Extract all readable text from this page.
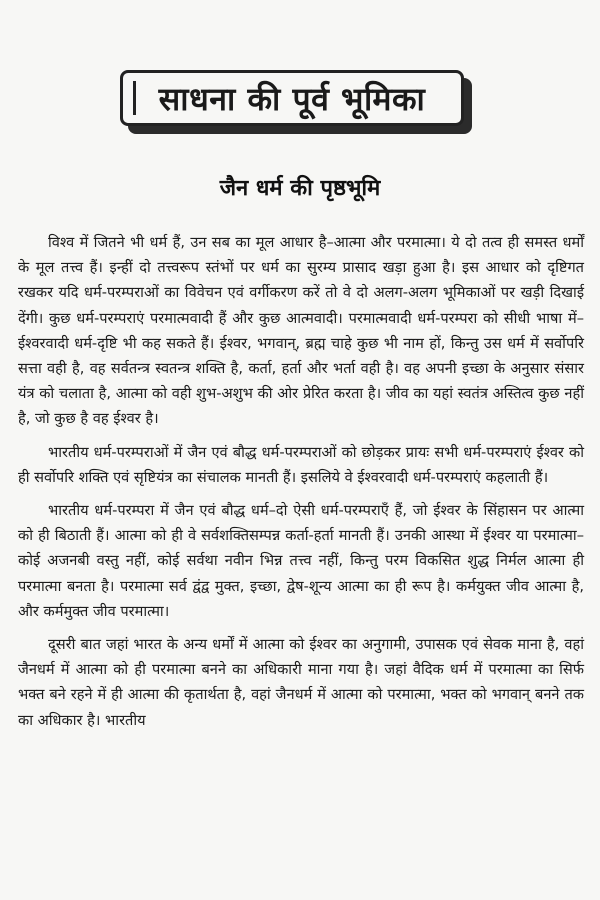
साधना की पूर्व भूमिका
जैन धर्म की पृष्ठभूमि

विश्व में जितने भी धर्म हैं, उन सब का मूल आधार है–आत्मा और परमात्मा। ये दो तत्व ही समस्त धर्मों के मूल तत्त्व हैं। इन्हीं दो तत्त्वरूप स्तंभों पर धर्म का सुरम्य प्रासाद खड़ा हुआ है। इस आधार को दृष्टिगत रखकर यदि धर्म-परम्पराओं का विवेचन एवं वर्गीकरण करें तो वे दो अलग-अलग भूमिकाओं पर खड़ी दिखाई देंगी। कुछ धर्म-परम्पराएं परमात्मवादी हैं और कुछ आत्मवादी। परमात्मवादी धर्म-परम्परा को सीधी भाषा में–ईश्वरवादी धर्म-दृष्टि भी कह सकते हैं। ईश्वर, भगवान्, ब्रह्म चाहे कुछ भी नाम हों, किन्तु उस धर्म में सर्वोपरि सत्ता वही है, वह सर्वतन्त्र स्वतन्त्र शक्ति है, कर्ता, हर्ता और भर्ता वही है। वह अपनी इच्छा के अनुसार संसार यंत्र को चलाता है, आत्मा को वही शुभ-अशुभ की ओर प्रेरित करता है। जीव का यहां स्वतंत्र अस्तित्व कुछ नहीं है, जो कुछ है वह ईश्वर है।

भारतीय धर्म-परम्पराओं में जैन एवं बौद्ध धर्म-परम्पराओं को छोड़कर प्रायः सभी धर्म-परम्पराएं ईश्वर को ही सर्वोपरि शक्ति एवं सृष्टियंत्र का संचालक मानती हैं। इसलिये वे ईश्वरवादी धर्म-परम्पराएं कहलाती हैं।

भारतीय धर्म-परम्परा में जैन एवं बौद्ध धर्म–दो ऐसी धर्म-परम्पराएँ हैं, जो ईश्वर के सिंहासन पर आत्मा को ही बिठाती हैं। आत्मा को ही वे सर्वशक्तिसम्पन्न कर्ता-हर्ता मानती हैं। उनकी आस्था में ईश्वर या परमात्मा–कोई अजनबी वस्तु नहीं, कोई सर्वथा नवीन भिन्न तत्त्व नहीं, किन्तु परम विकसित शुद्ध निर्मल आत्मा ही परमात्मा बनता है। परमात्मा सर्व द्वंद्व मुक्त, इच्छा, द्वेष-शून्य आत्मा का ही रूप है। कर्मयुक्त जीव आत्मा है, और कर्ममुक्त जीव परमात्मा।

दूसरी बात जहां भारत के अन्य धर्मों में आत्मा को ईश्वर का अनुगामी, उपासक एवं सेवक माना है, वहां जैनधर्म में आत्मा को ही परमात्मा बनने का अधिकारी माना गया है। जहां वैदिक धर्म में परमात्मा का सिर्फ भक्त बने रहने में ही आत्मा की कृतार्थता है, वहां जैनधर्म में आत्मा को परमात्मा, भक्त को भगवान् बनने तक का अधिकार है। भारतीय
